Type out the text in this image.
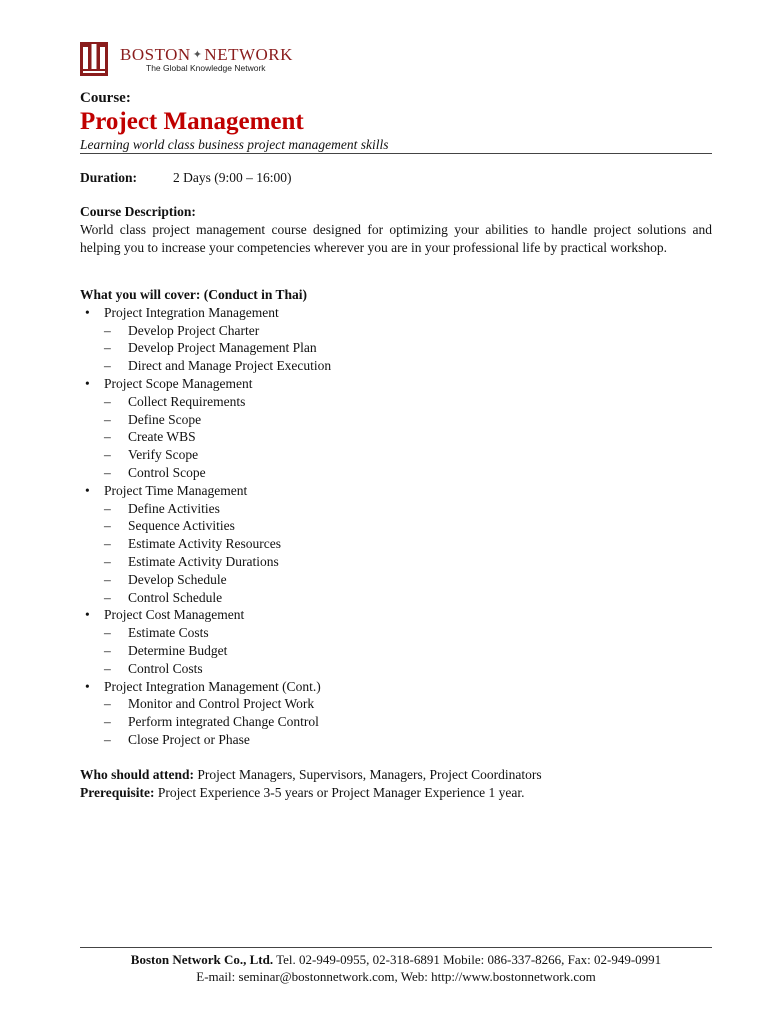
BOSTON ✦ NETWORK
The Global Knowledge Network
Course:
Project Management
Learning world class business project management skills
Duration:	2 Days (9:00 – 16:00)
Course Description:

World class project management course designed for optimizing your abilities to handle project solutions and helping you to increase your competencies wherever you are in your professional life by practical workshop.

What you will cover: (Conduct in Thai)
• Project Integration Management
– Develop Project Charter
– Develop Project Management Plan
– Direct and Manage Project Execution
• Project Scope Management
– Collect Requirements
– Define Scope
– Create WBS
– Verify Scope
– Control Scope
• Project Time Management
– Define Activities
– Sequence Activities
– Estimate Activity Resources
– Estimate Activity Durations
– Develop Schedule
– Control Schedule
• Project Cost Management
– Estimate Costs
– Determine Budget
– Control Costs
• Project Integration Management (Cont.)
– Monitor and Control Project Work
– Perform integrated Change Control
– Close Project or Phase
Who should attend: Project Managers, Supervisors, Managers, Project Coordinators
Prerequisite: Project Experience 3-5 years or Project Manager Experience 1 year.
Boston Network Co., Ltd. Tel. 02-949-0955, 02-318-6891 Mobile: 086-337-8266, Fax: 02-949-0991
E-mail: seminar@bostonnetwork.com, Web: http://www.bostonnetwork.com
